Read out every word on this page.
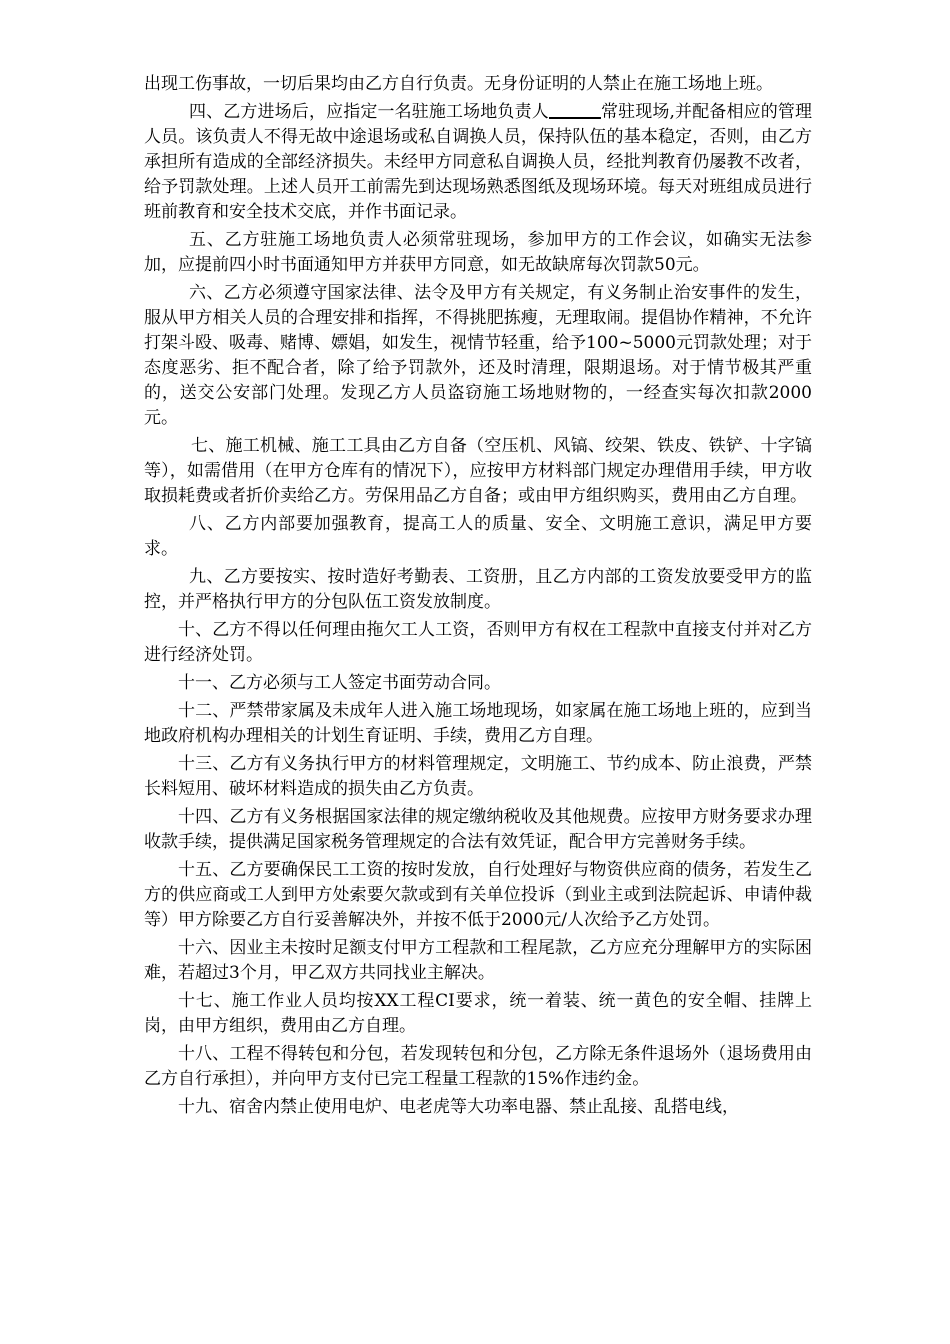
出现工伤事故，一切后果均由乙方自行负责。无身份证明的人禁止在施工场地上班。

四、乙方进场后，应指定一名驻施工场地负责人	常驻现场,并配备相应的管理人员。该负责人不得无故中途退场或私自调换人员，保持队伍的基本稳定，否则，由乙方承担所有造成的全部经济损失。未经甲方同意私自调换人员，经批判教育仍屡教不改者，给予罚款处理。上述人员开工前需先到达现场熟悉图纸及现场环境。每天对班组成员进行班前教育和安全技术交底，并作书面记录。

五、乙方驻施工场地负责人必须常驻现场，参加甲方的工作会议，如确实无法参加，应提前四小时书面通知甲方并获甲方同意，如无故缺席每次罚款50元。

六、乙方必须遵守国家法律、法令及甲方有关规定，有义务制止治安事件的发生，服从甲方相关人员的合理安排和指挥，不得挑肥拣瘦，无理取闹。提倡协作精神，不允许打架斗殴、吸毒、赌博、嫖娼，如发生，视情节轻重，给予100~5000元罚款处理；对于态度恶劣、拒不配合者，除了给予罚款外，还及时清理，限期退场。对于情节极其严重的，送交公安部门处理。发现乙方人员盗窃施工场地财物的，一经查实每次扣款2000元。

七、施工机械、施工工具由乙方自备（空压机、风镐、绞架、铁皮、铁铲、十字镐等），如需借用（在甲方仓库有的情况下），应按甲方材料部门规定办理借用手续，甲方收取损耗费或者折价卖给乙方。劳保用品乙方自备；或由甲方组织购买，费用由乙方自理。

八、乙方内部要加强教育，提高工人的质量、安全、文明施工意识，满足甲方要求。

九、乙方要按实、按时造好考勤表、工资册，且乙方内部的工资发放要受甲方的监控，并严格执行甲方的分包队伍工资发放制度。

十、乙方不得以任何理由拖欠工人工资，否则甲方有权在工程款中直接支付并对乙方进行经济处罚。

十一、乙方必须与工人签定书面劳动合同。

十二、严禁带家属及未成年人进入施工场地现场，如家属在施工场地上班的，应到当地政府机构办理相关的计划生育证明、手续，费用乙方自理。

十三、乙方有义务执行甲方的材料管理规定，文明施工、节约成本、防止浪费，严禁长料短用、破坏材料造成的损失由乙方负责。

十四、乙方有义务根据国家法律的规定缴纳税收及其他规费。应按甲方财务要求办理收款手续，提供满足国家税务管理规定的合法有效凭证，配合甲方完善财务手续。

十五、乙方要确保民工工资的按时发放，自行处理好与物资供应商的债务，若发生乙方的供应商或工人到甲方处索要欠款或到有关单位投诉（到业主或到法院起诉、申请仲裁等）甲方除要乙方自行妥善解决外，并按不低于2000元/人次给予乙方处罚。

十六、因业主未按时足额支付甲方工程款和工程尾款，乙方应充分理解甲方的实际困难，若超过3个月，甲乙双方共同找业主解决。

十七、施工作业人员均按XX工程CI要求，统一着装、统一黄色的安全帽、挂牌上岗，由甲方组织，费用由乙方自理。

十八、工程不得转包和分包，若发现转包和分包，乙方除无条件退场外（退场费用由乙方自行承担），并向甲方支付已完工程量工程款的15%作违约金。

十九、宿舍内禁止使用电炉、电老虎等大功率电器、禁止乱接、乱搭电线，
